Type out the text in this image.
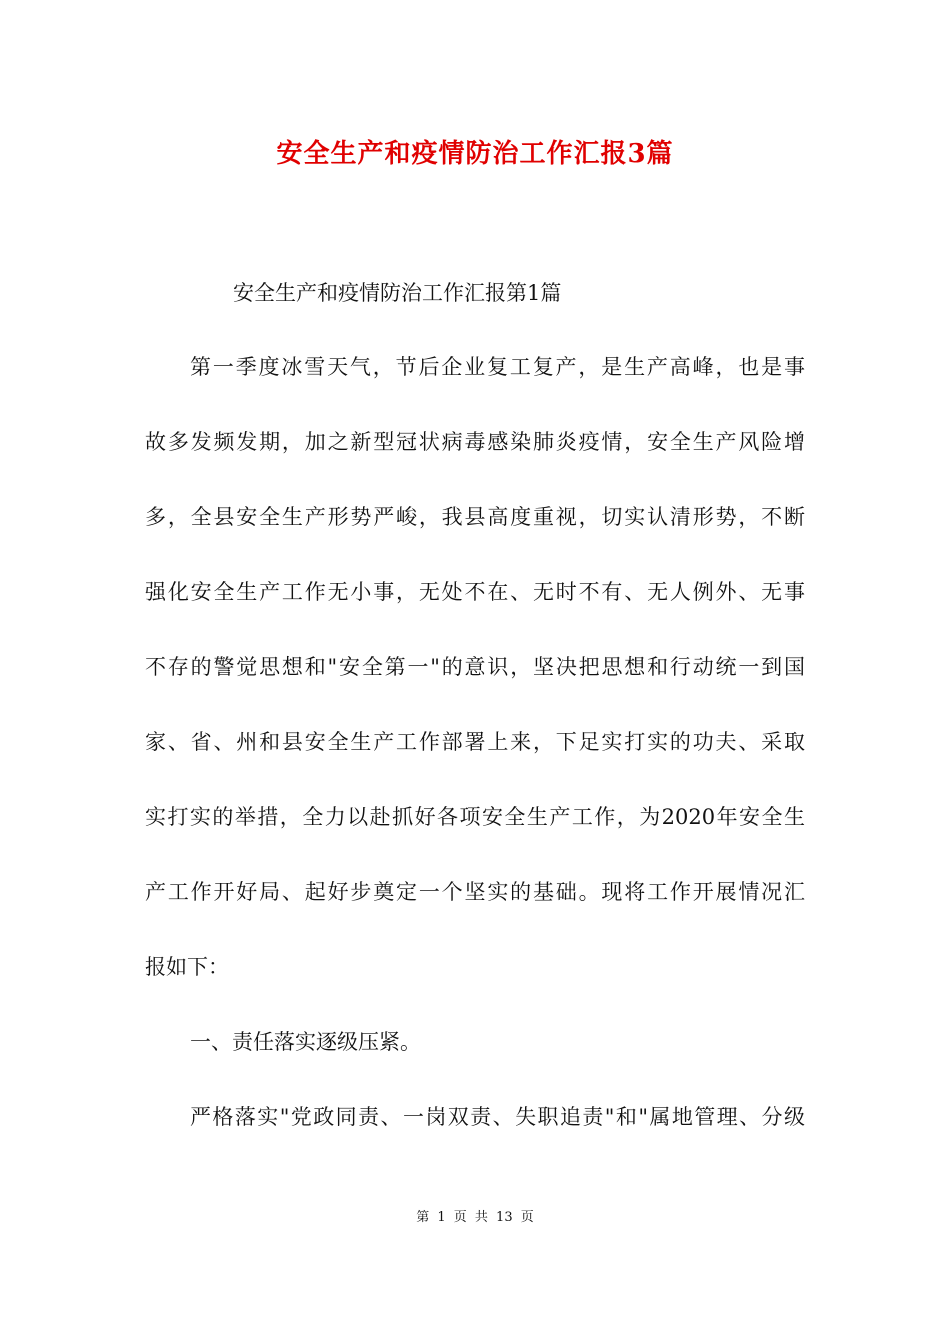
安全生产和疫情防治工作汇报3篇
安全生产和疫情防治工作汇报第1篇
第一季度冰雪天气，节后企业复工复产，是生产高峰，也是事
故多发频发期，加之新型冠状病毒感染肺炎疫情，安全生产风险增
多，全县安全生产形势严峻，我县高度重视，切实认清形势，不断
强化安全生产工作无小事，无处不在、无时不有、无人例外、无事
不存的警觉思想和"安全第一"的意识，坚决把思想和行动统一到国
家、省、州和县安全生产工作部署上来，下足实打实的功夫、采取
实打实的举措，全力以赴抓好各项安全生产工作，为2020年安全生
产工作开好局、起好步奠定一个坚实的基础。现将工作开展情况汇
报如下：
一、责任落实逐级压紧。
严格落实"党政同责、一岗双责、失职追责"和"属地管理、分级
第 1 页 共 13 页
